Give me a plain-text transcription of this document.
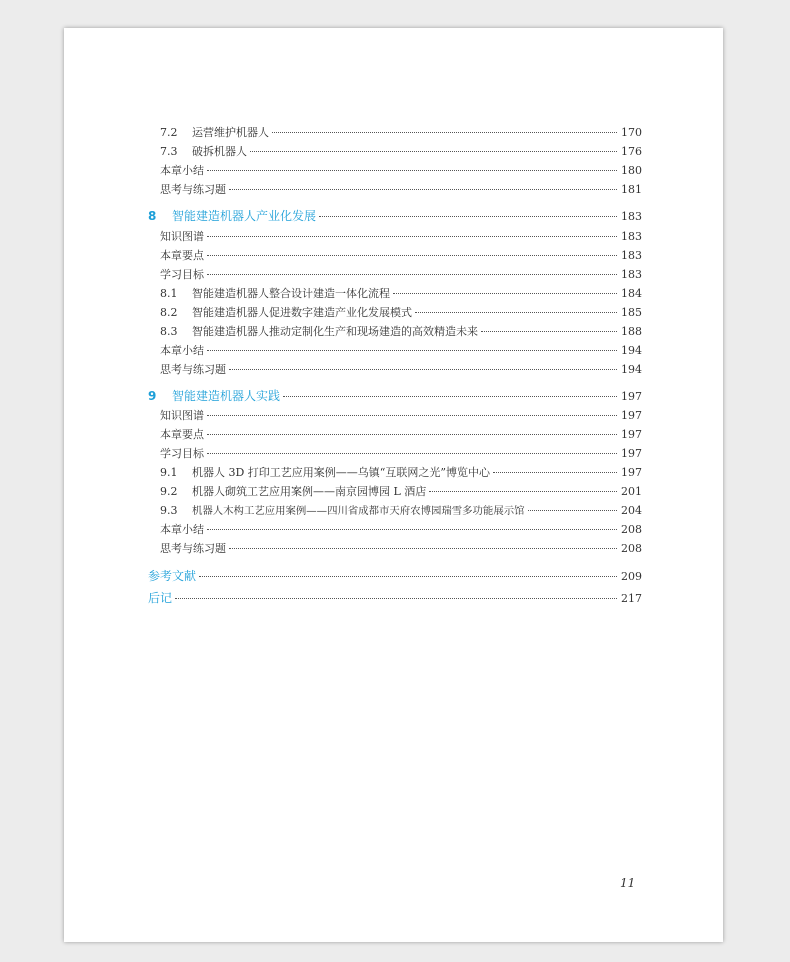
7.2	运营维护机器人	170
7.3	破拆机器人	176
本章小结	180
思考与练习题	181
8	智能建造机器人产业化发展	183
知识图谱	183
本章要点	183
学习目标	183
8.1	智能建造机器人整合设计建造一体化流程	184
8.2	智能建造机器人促进数字建造产业化发展模式	185
8.3	智能建造机器人推动定制化生产和现场建造的高效精造未来	188
本章小结	194
思考与练习题	194
9	智能建造机器人实践	197
知识图谱	197
本章要点	197
学习目标	197
9.1	机器人 3D 打印工艺应用案例——乌镇“互联网之光”博览中心	197
9.2	机器人砌筑工艺应用案例——南京园博园 L 酒店	201
9.3	机器人木构工艺应用案例——四川省成都市天府农博园瑞雪多功能展示馆	204
本章小结	208
思考与练习题	208
参考文献	209
后记	217
11
